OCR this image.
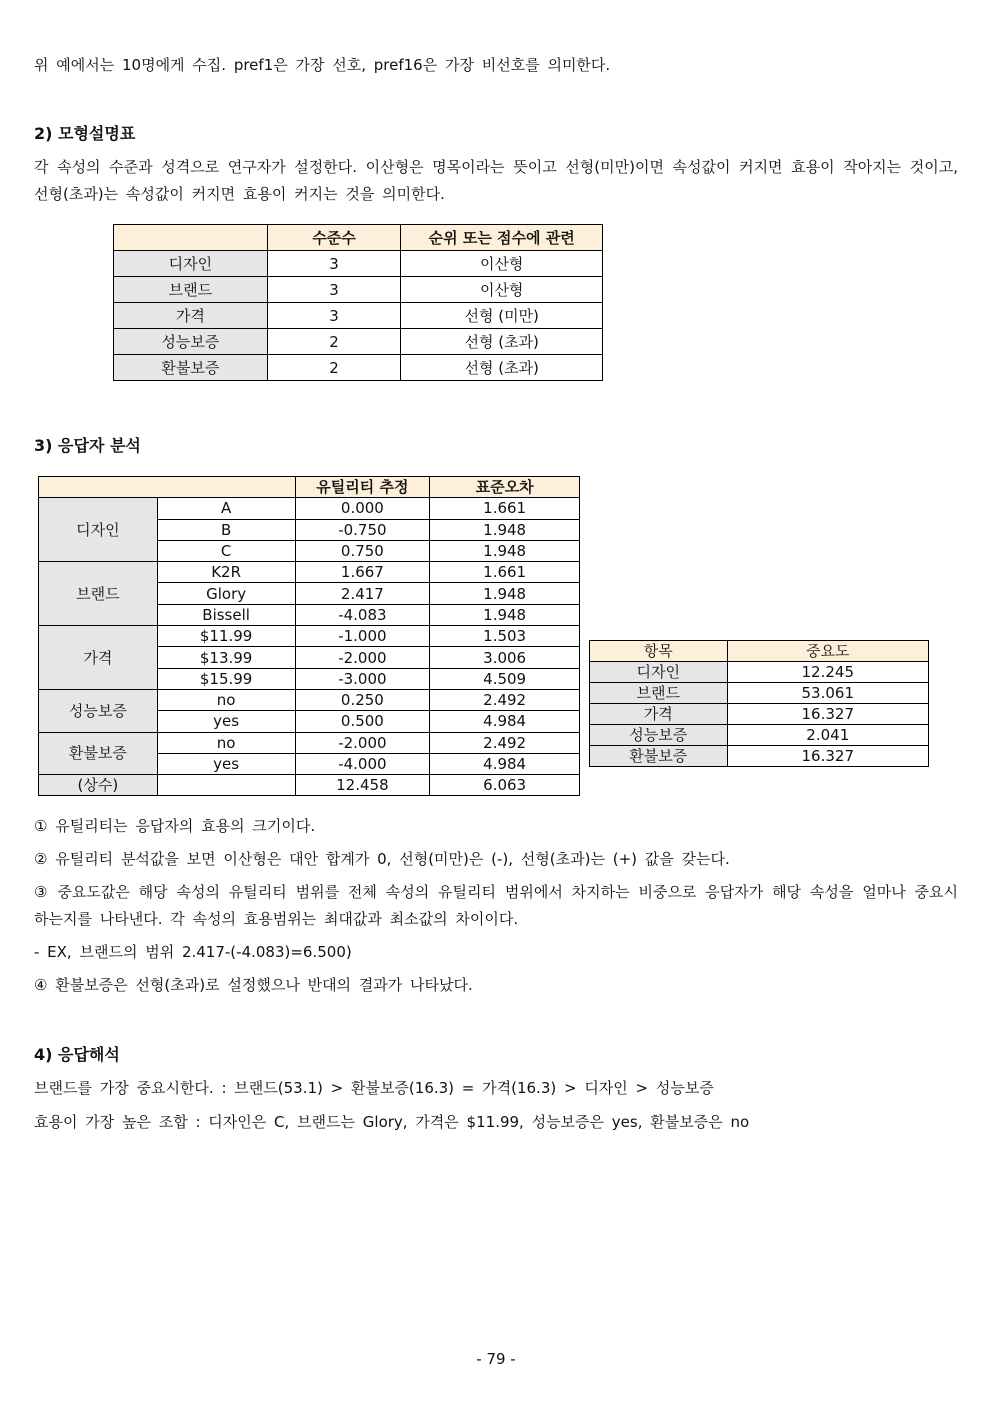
위 예에서는 10명에게 수집. pref1은 가장 선호, pref16은 가장 비선호를 의미한다.
2) 모형설명표
각 속성의 수준과 성격으로 연구자가 설정한다. 이산형은 명목이라는 뜻이고 선형(미만)이면 속성값이 커지면 효용이 작아지는 것이고, 선형(초과)는 속성값이 커지면 효용이 커지는 것을 의미한다.
	수준수	순위 또는 점수에 관련
디자인	3	이산형
브랜드	3	이산형
가격	3	선형 (미만)
성능보증	2	선형 (초과)
환불보증	2	선형 (초과)
3) 응답자 분석
		유틸리티 추정	표준오차
디자인	A	0.000	1.661
	B	-0.750	1.948
	C	0.750	1.948
브랜드	K2R	1.667	1.661
	Glory	2.417	1.948
	Bissell	-4.083	1.948
가격	$11.99	-1.000	1.503
	$13.99	-2.000	3.006
	$15.99	-3.000	4.509
성능보증	no	0.250	2.492
	yes	0.500	4.984
환불보증	no	-2.000	2.492
	yes	-4.000	4.984
(상수)		12.458	6.063
항목	중요도
디자인	12.245
브랜드	53.061
가격	16.327
성능보증	2.041
환불보증	16.327
① 유틸리티는 응답자의 효용의 크기이다.
② 유틸리티 분석값을 보면 이산형은 대안 합계가 0, 선형(미만)은 (-), 선형(초과)는 (+) 값을 갖는다.
③ 중요도값은 해당 속성의 유틸리티 범위를 전체 속성의 유틸리티 범위에서 차지하는 비중으로 응답자가 해당 속성을 얼마나 중요시 하는지를 나타낸다. 각 속성의 효용범위는 최대값과 최소값의 차이이다.
- EX, 브랜드의 범위 2.417-(-4.083)=6.500)
④ 환불보증은 선형(초과)로 설정했으나 반대의 결과가 나타났다.
4) 응답해석
브랜드를 가장 중요시한다. : 브랜드(53.1) > 환불보증(16.3) = 가격(16.3) > 디자인 > 성능보증
효용이 가장 높은 조합 : 디자인은 C, 브랜드는 Glory, 가격은 $11.99, 성능보증은 yes, 환불보증은 no
- 79 -
